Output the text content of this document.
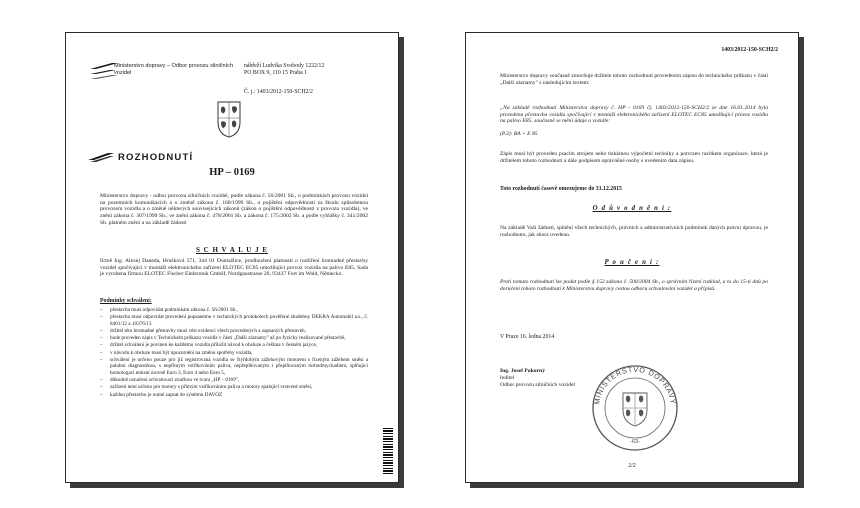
Ministerstvo dopravy – Odbor provozu silničních vozidel
nábřeží Ludvíka Svobody 1222/12
PO BOX 9, 110 15 Praha 1
Č. j.: 1403/2012-150-SCH2/2
ROZHODNUTÍ
HP – 0169
Ministerstvo dopravy - odbor provozu silničních vozidel, podle zákona č. 56/2001 Sb., o podmínkách provozu vozidel na pozemních komunikacích a o změně zákona č. 168/1999 Sb., o pojištění odpovědnosti za škodu způsobenou provozem vozidla a o změně některých souvisejících zákonů (zákon o pojištění odpovědnosti z provozu vozidla), ve znění zákona č. 307/1999 Sb., ve znění zákona č. 478/2001 Sb. a zákona č. 175/2002 Sb. a podle vyhlášky č. 341/2002 Sb. platném znění a na základě žádosti
S C H V A L U J E
firmě Ing. Alexej Daneda, Hrušková 571, 344 01 Domažlice, prodloužení platnosti o rozšíření hromadné přestavby vozidel spočívající v montáži elektronického zařízení ELOTEC EC85 umožňující provoz vozidla na palivo E85. Sada je vyrobena firmou ELOTEC Fischer Elektronik GmbH, Nordgaustrasse 20, 93437 Furt im Wald, Německo.
Podmínky schválení:
– přestavba musí odpovídat podmínkám zákona č. 56/2001 Sb.,
– přestavba musí odpovídat provedení popsanému v technických protokolech pověřené zkušebny DEKRA Automobil a.s., č. 8401/12 a 10376/13
– držitel této hromadné přestavby musí vést evidenci všech provedených a zapsaných přestaveb,
– bude proveden zápis v Technickém průkazu vozidla v části „Další záznamy" až po fyzicky realizované přestavbě,
– držitel schválení je povinen ke každému vozidla přiložit návod k obsluze a čeština v českém jazyce,
– v návodu k obsluze musí být upozornění na změnu spotřeby vozidla,
– schválení je určeno pouze pro již registrovaná vozidla se čtyřdobým zážehovým motorem s řízeným zážehem směsi a palubní diagnostikou, s nepřímým vstřikováním paliva, nepřeplňovaným i přeplňovaným turbodmychadlem, splňující homologaci emisní úrovně Euro 3, Euro 4 nebo Euro 5,
– důkodně označení schvalovací značkou ve tvaru „HP – 0169",
– zařízení není určeno pro motory s přímým vstřikováním paliva a motory spalující vrstvené směsi,
– každou přestavbu je nutné zapsat do systému DAVOZ
1403/2012-150-SCH2/2
Ministerstvo dopravy současně zmocňuje držitele tohoto rozhodnutí provedením zápisu do technického průkazu v části „Další záznamy" s následujícím textem:
„Na základě rozhodnutí Ministerstva dopravy č. HP - 0169 čj. 1403/2012-150-SCH2/2 ze dne 16.01.2014 byla provedena přestavba vozidla spočívající v montáži elektronického zařízení ELOTEC EC85 umožňující provoz vozidla na palivo E85, současně se mění údaje o vozidle:
(P.3): BA + E 85
Zápis musí být proveden psacím strojem nebo tiskárnou výpočetní techniky a potvrzen razítkem organizace, která je držitelem tohoto rozhodnutí a dále podpisem oprávněné osoby s uvedením data zápisu.
Toto rozhodnutí časově omezujeme do 31.12.2015
O d ů v o d n ě n í :
Na základě Vaší žádosti, splnění všech technických, právních a administrativních podmínek daných právní úpravou, je rozhodnuto, jak shora uvedeno.
P o u č e n í :
Proti tomuto rozhodnutí lze podat podle § 152 zákona č. 500/2004 Sb., o správním řízení rozklad, a to do 15-ti dnů po doručení tohoto rozhodnutí k Ministerstvu dopravy cestou odboru schvalování vozidel a přípisů.
V Praze 16. ledna 2014
Ing. Josef Pokorný
ředitel
Odbor provozu silničních vozidel
MINISTERSTVO DOPRAVY
-63-
2/2
